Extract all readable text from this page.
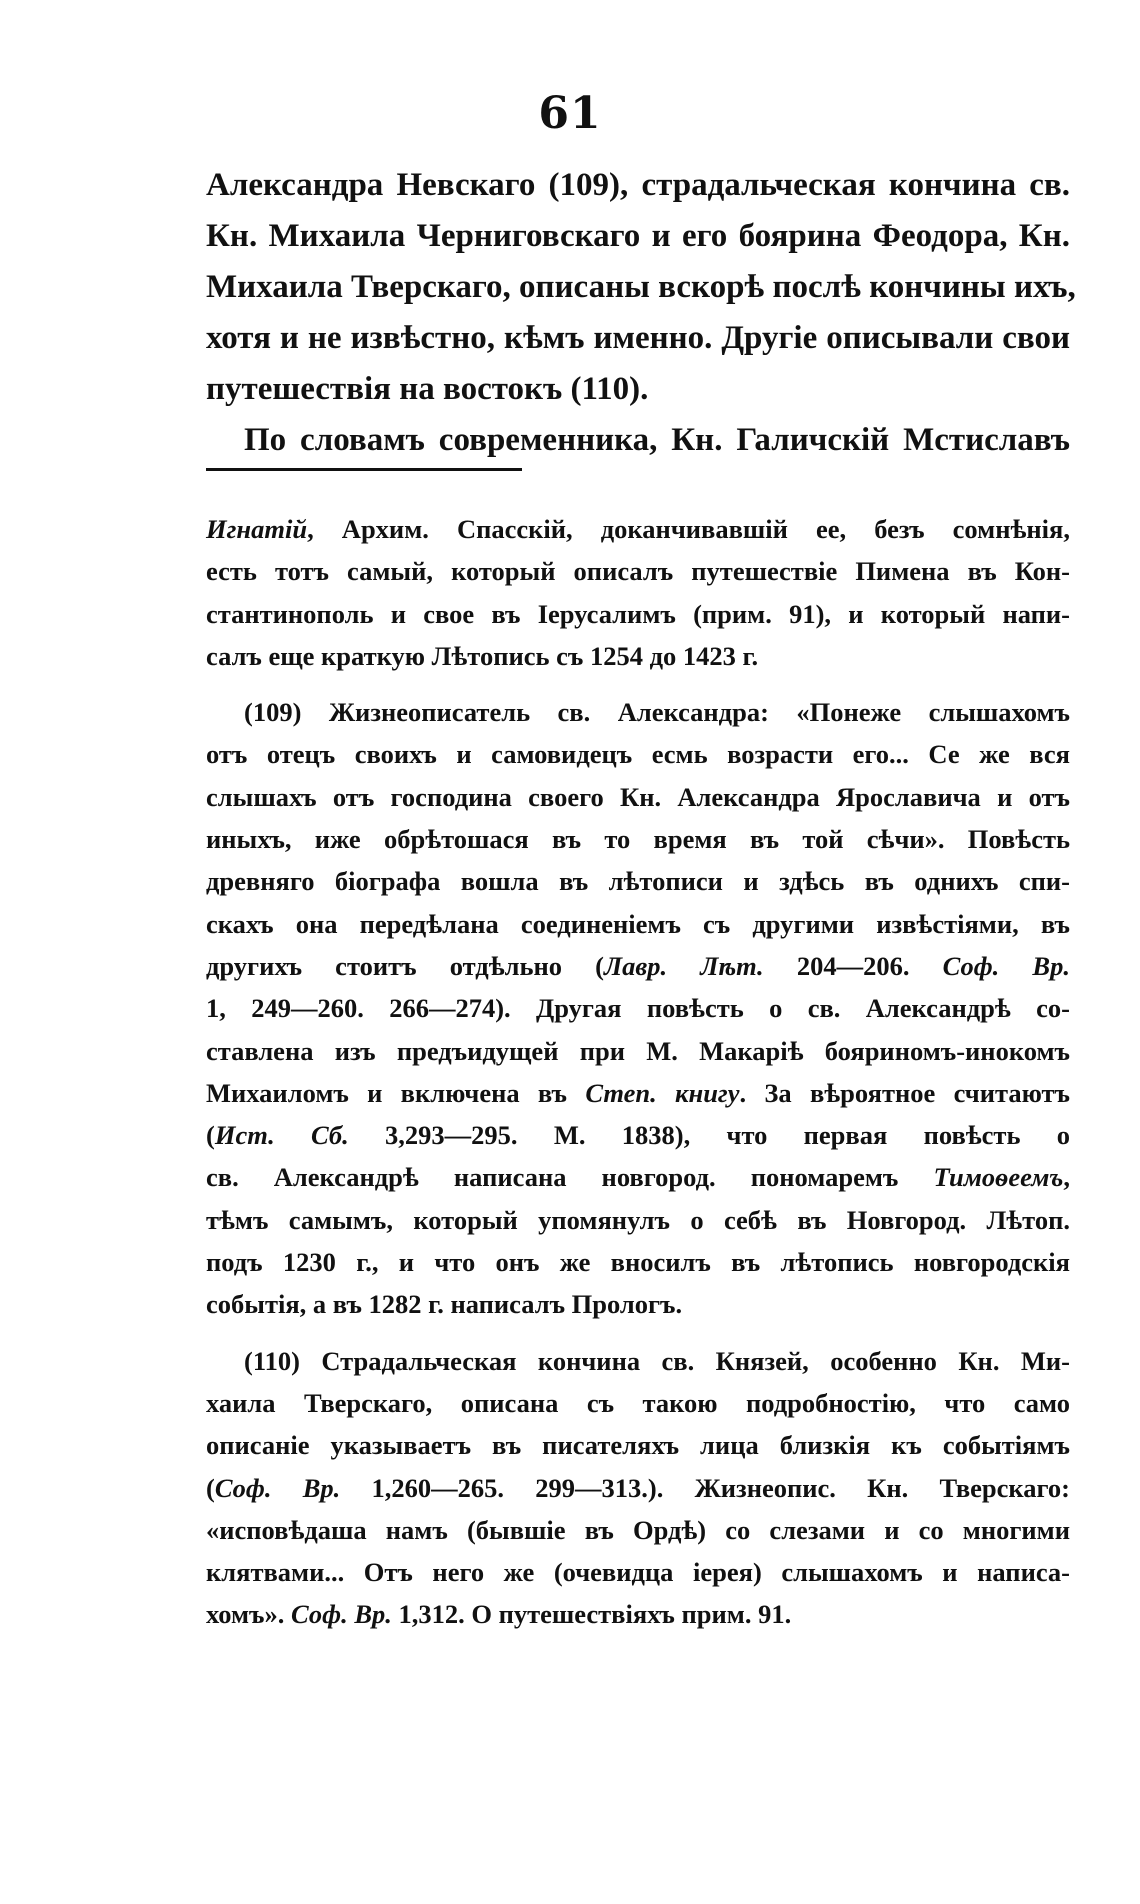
61
Александра Невскаго (109), страдальческая кончина св.
Кн. Михаила Черниговскаго и его боярина Феодора, Кн.
Михаила Тверскаго, описаны вскорѣ послѣ кончины ихъ,
хотя и не извѣстно, кѣмъ именно. Другіе описывали свои
путешествія на востокъ (110).
По словамъ современника, Кн. Галичскій Мстиславъ
Игнатій, Архим. Спасскій, доканчивавшій ее, безъ сомнѣнія,
есть тотъ самый, который описалъ путешествіе Пимена въ Кон-
стантинополь и свое въ Іерусалимъ (прим. 91), и который напи-
салъ еще краткую Лѣтопись съ 1254 до 1423 г.
(109) Жизнеописатель св. Александра: «Понеже слышахомъ
отъ отецъ своихъ и самовидецъ есмь возрасти его... Се же вся
слышахъ отъ господина своего Кн. Александра Ярославича и отъ
иныхъ, иже обрѣтошася въ то время въ той сѣчи». Повѣсть
древняго біографа вошла въ лѣтописи и здѣсь въ однихъ спи-
скахъ она передѣлана соединеніемъ съ другими извѣстіями, въ
другихъ стоитъ отдѣльно (Лавр. Лѣт. 204—206. Соф. Вр.
1, 249—260. 266—274). Другая повѣсть о св. Александрѣ со-
ставлена изъ предъидущей при М. Макаріѣ бояриномъ-инокомъ
Михаиломъ и включена въ Степ. книгу. За вѣроятное считаютъ
(Ист. Сб. 3,293—295. М. 1838), что первая повѣсть о
св. Александрѣ написана новгород. пономаремъ Тимоѳеемъ,
тѣмъ самымъ, который упомянулъ о себѣ въ Новгород. Лѣтоп.
подъ 1230 г., и что онъ же вносилъ въ лѣтопись новгородскія
событія, а въ 1282 г. написалъ Прологъ.
(110) Страдальческая кончина св. Князей, особенно Кн. Ми-
хаила Тверскаго, описана съ такою подробностію, что само
описаніе указываетъ въ писателяхъ лица близкія къ событіямъ
(Соф. Вр. 1,260—265. 299—313.). Жизнеопис. Кн. Тверскаго:
«исповѣдаша намъ (бывшіе въ Ордѣ) со слезами и со многими
клятвами... Отъ него же (очевидца іерея) слышахомъ и написа-
хомъ». Соф. Вр. 1,312. О путешествіяхъ прим. 91.
